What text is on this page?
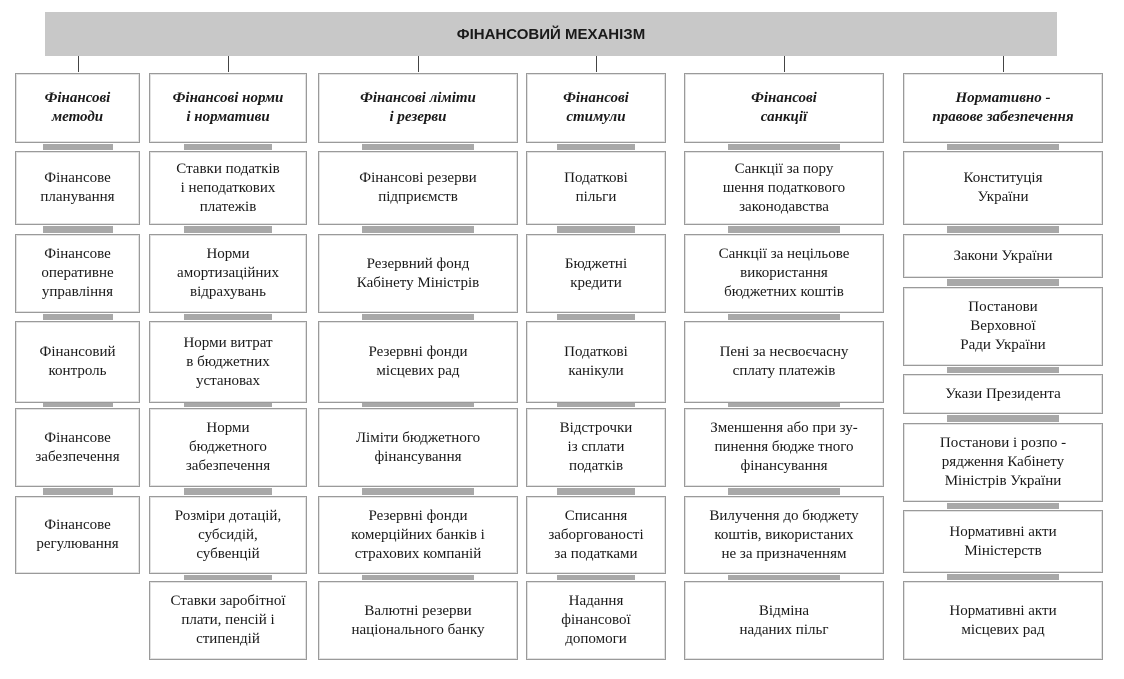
ФІНАНСОВИЙ МЕХАНІЗМ
Фінансові
методи
Фінансове
планування
Фінансове
оперативне
управління
Фінансовий
контроль
Фінансове
забезпечення
Фінансове
регулювання
Фінансові норми
і нормативи
Ставки податків
і неподаткових
платежів
Норми
амортизаційних
відрахувань
Норми витрат
в бюджетних
установах
Норми
бюджетного
забезпечення
Розміри дотацій,
субсидій,
субвенцій
Ставки заробітної
плати, пенсій і
стипендій
Фінансові ліміти
і резерви
Фінансові резерви
підприємств
Резервний фонд
Кабінету Міністрів
Резервні фонди
місцевих рад
Ліміти бюджетного
фінансування
Резервні фонди
комерційних банків і
страхових компаній
Валютні резерви
національного банку
Фінансові
стимули
Податкові
пільги
Бюджетні
кредити
Податкові
канікули
Відстрочки
із сплати
податків
Списання
заборгованості
за податками
Надання
фінансової
допомоги
Фінансові
санкції
Санкції за пору
шення податкового
законодавства
Санкції за нецільове
використання
бюджетних коштів
Пені за несвоєчасну
сплату платежів
Зменшення або при зу-
пинення бюдже тного
фінансування
Вилучення до бюджету
коштів, використаних
не за призначенням
Відміна
наданих пільг
Нормативно -
правове забезпечення
Конституція
України
Закони України
Постанови
Верховної
Ради України
Укази Президента
Постанови і розпо -
рядження Кабінету
Міністрів України
Нормативні акти
Міністерств
Нормативні акти
місцевих рад
